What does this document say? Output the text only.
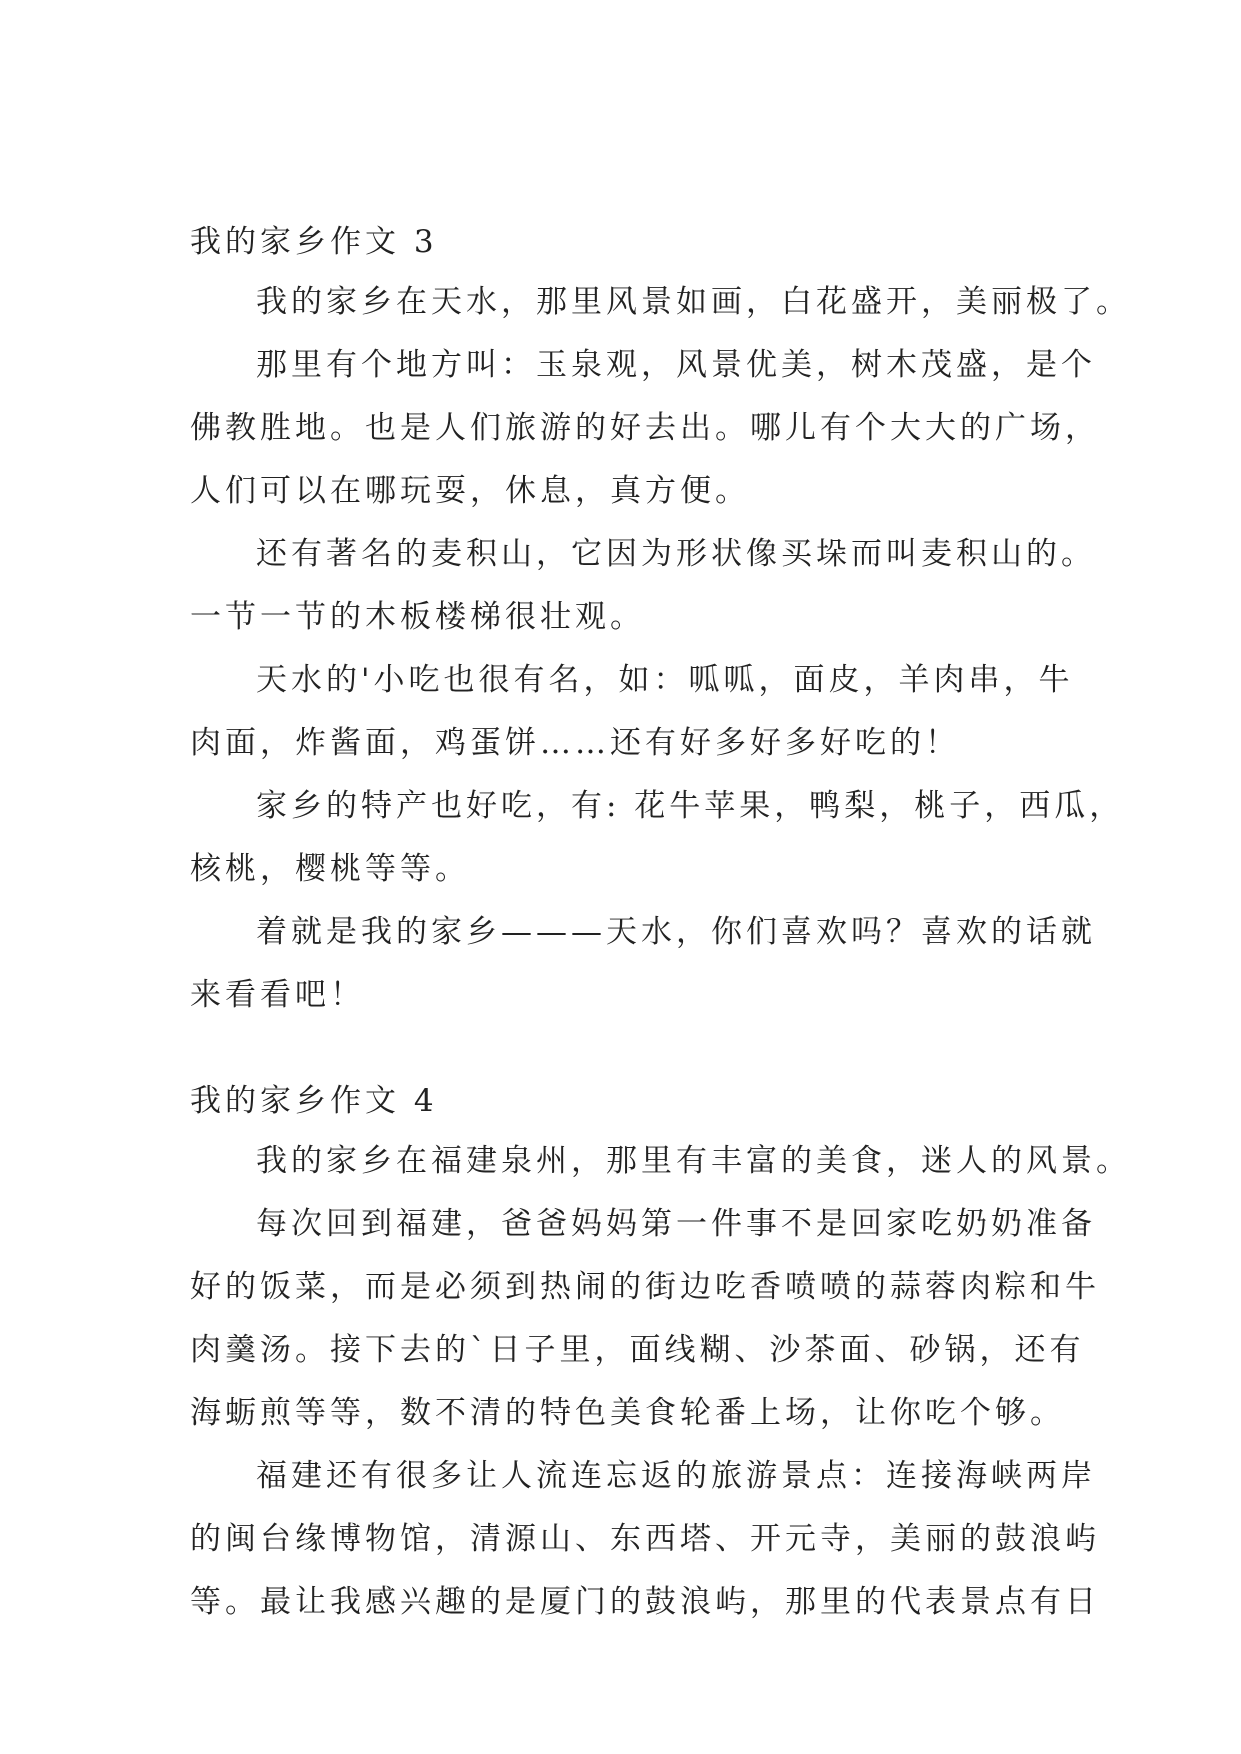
我的家乡作文 3
我的家乡在天水，那里风景如画，白花盛开，美丽极了。
那里有个地方叫：玉泉观，风景优美，树木茂盛，是个
佛教胜地。也是人们旅游的好去出。哪儿有个大大的广场，
人们可以在哪玩耍，休息，真方便。
还有著名的麦积山，它因为形状像买垛而叫麦积山的。
一节一节的木板楼梯很壮观。
天水的'小吃也很有名，如：呱呱，面皮，羊肉串，牛
肉面，炸酱面，鸡蛋饼……还有好多好多好吃的！
家乡的特产也好吃，有: 花牛苹果，鸭梨，桃子，西瓜，
核桃，樱桃等等。
着就是我的家乡———天水，你们喜欢吗？喜欢的话就
来看看吧！
我的家乡作文 4
我的家乡在福建泉州，那里有丰富的美食，迷人的风景。
每次回到福建，爸爸妈妈第一件事不是回家吃奶奶准备
好的饭菜，而是必须到热闹的街边吃香喷喷的蒜蓉肉粽和牛
肉羹汤。接下去的`日子里，面线糊、沙茶面、砂锅，还有
海蛎煎等等，数不清的特色美食轮番上场，让你吃个够。
福建还有很多让人流连忘返的旅游景点：连接海峡两岸
的闽台缘博物馆，清源山、东西塔、开元寺，美丽的鼓浪屿
等。最让我感兴趣的是厦门的鼓浪屿，那里的代表景点有日
